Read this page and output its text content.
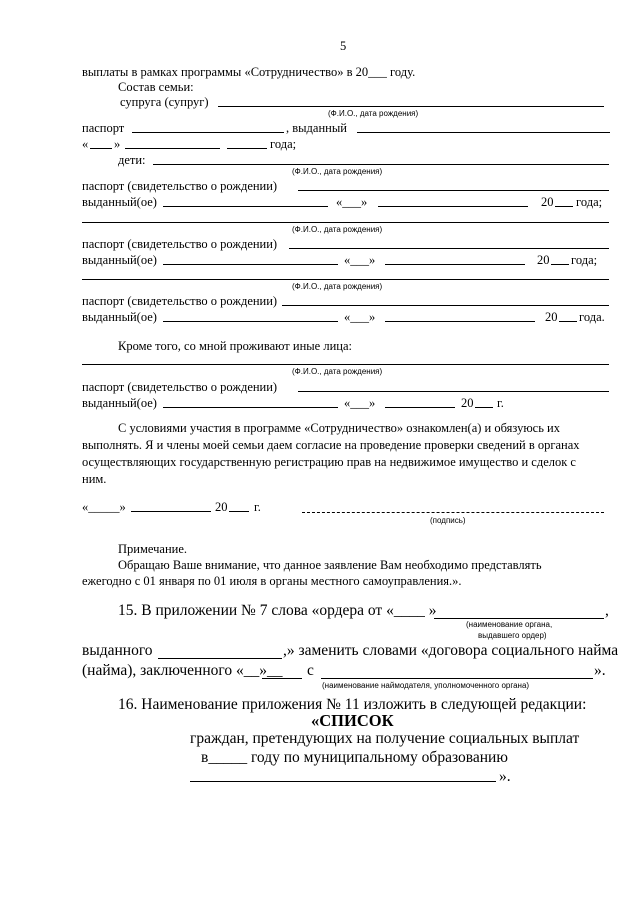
5
выплаты в рамках программы «Сотрудничество» в 20___ году.
Состав семьи:
супруга (супруг)
(Ф.И.О., дата рождения)
паспорт	, выданный
« »	года;
дети:
(Ф.И.О., дата рождения)
паспорт (свидетельство о рождении)
выданный(ое)	«___»	20 года;
(Ф.И.О., дата рождения)
паспорт (свидетельство о рождении)
выданный(ое)	«___»	20 года;
(Ф.И.О., дата рождения)
паспорт (свидетельство о рождении)
выданный(ое)	«___»	20 года.
Кроме того, со мной проживают иные лица:
(Ф.И.О., дата рождения)
паспорт (свидетельство о рождении)
выданный(ое)	«___»	20 г.
С условиями участия в программе «Сотрудничество» ознакомлен(а) и обязуюсь их
выполнять. Я и члены моей семьи даем согласие на проведение проверки сведений в органах
осуществляющих государственную регистрацию прав на недвижимое имущество и сделок с
ним.
«_____»	20 г.
(подпись)
Примечание.
Обращаю Ваше внимание, что данное заявление Вам необходимо представлять
ежегодно с 01 января по 01 июля в органы местного самоуправления.».
15. В приложении № 7 слова «ордера от «____ »	,
(наименование органа,
выдавшего ордер)
выданного	,» заменить словами «договора социального найма
(найма), заключенного «__»__ с	».
(наименование наймодателя, уполномоченного органа)
16. Наименование приложения № 11 изложить в следующей редакции:
«СПИСОК
граждан, претендующих на получение социальных выплат
в_____ году по муниципальному образованию
».
